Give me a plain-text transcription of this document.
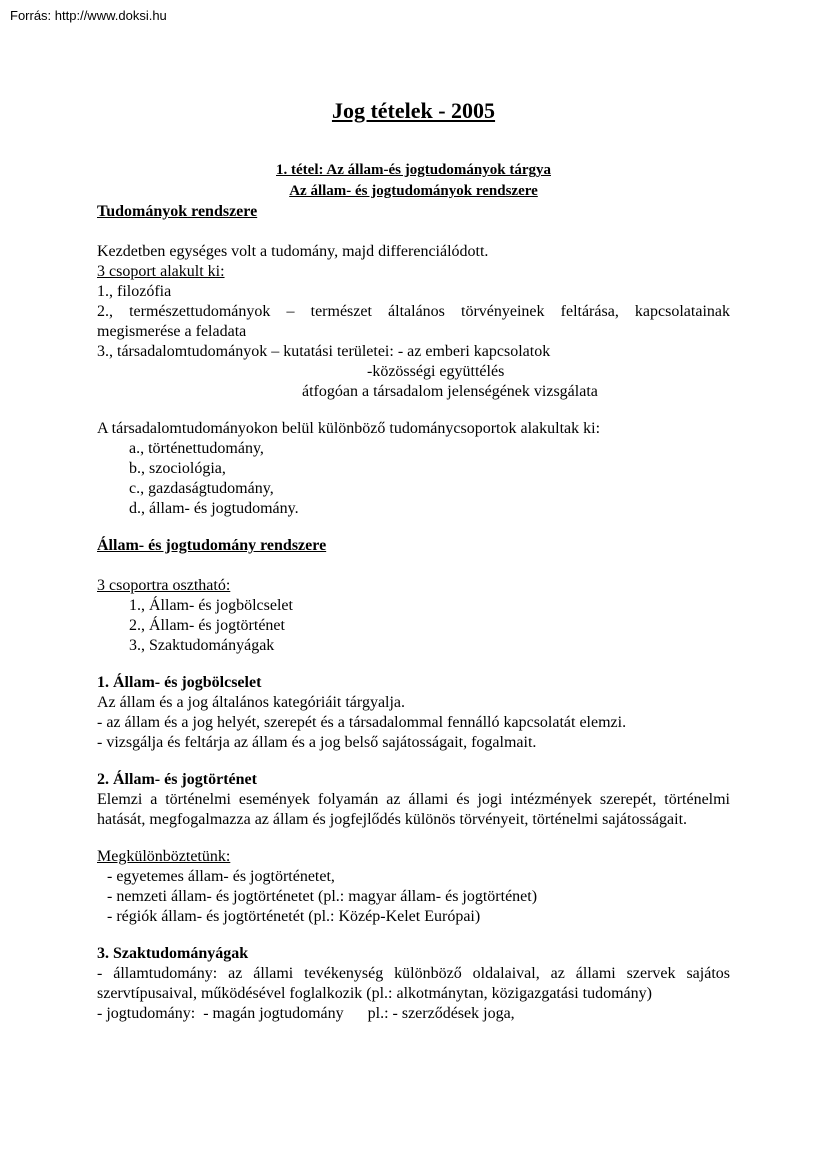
Forrás: http://www.doksi.hu
Jog tételek - 2005
1. tétel: Az állam-és jogtudományok tárgya
Az állam- és jogtudományok rendszere
Tudományok rendszere
Kezdetben egységes volt a tudomány, majd differenciálódott.
3 csoport alakult ki:
1., filozófia
2., természettudományok – természet általános törvényeinek feltárása, kapcsolatainak
megismerése a feladata
3., társadalomtudományok – kutatási területei: - az emberi kapcsolatok
-közösségi együttélés
átfogóan a társadalom jelenségének vizsgálata
A társadalomtudományokon belül különböző tudománycsoportok alakultak ki:
a., történettudomány,
b., szociológia,
c., gazdaságtudomány,
d., állam- és jogtudomány.
Állam- és jogtudomány rendszere
3 csoportra osztható:
1., Állam- és jogbölcselet
2., Állam- és jogtörténet
3., Szaktudományágak
1. Állam- és jogbölcselet
Az állam és a jog általános kategóriáit tárgyalja.
- az állam és a jog helyét, szerepét és a társadalommal fennálló kapcsolatát elemzi.
- vizsgálja és feltárja az állam és a jog belső sajátosságait, fogalmait.
2. Állam- és jogtörténet
Elemzi a történelmi események folyamán az állami és jogi intézmények szerepét, történelmi
hatását, megfogalmazza az állam és jogfejlődés különös törvényeit, történelmi sajátosságait.
Megkülönböztetünk:
- egyetemes állam- és jogtörténetet,
- nemzeti állam- és jogtörténetet (pl.: magyar állam- és jogtörténet)
- régiók állam- és jogtörténetét (pl.: Közép-Kelet Európai)
3. Szaktudományágak
- államtudomány: az állami tevékenység különböző oldalaival, az állami szervek sajátos
szervtípusaival, működésével foglalkozik (pl.: alkotmánytan, közigazgatási tudomány)
- jogtudomány:  - magán jogtudomány      pl.: - szerződések joga,
